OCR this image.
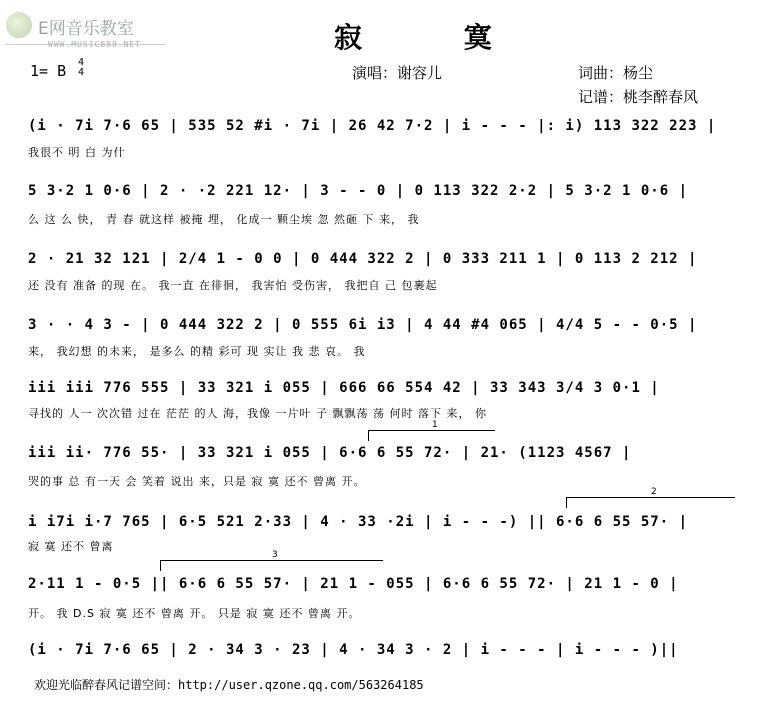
E网音乐教室
WWW.MUSIC888.NET	寂 寞
1= B 4
4	演唱：谢容儿	词曲：杨尘
记谱：桃李醉春风
(i · 7i 7·6 65 | 535 52 #i · 7i | 26 42 7·2 | i - - - |: i) 113 322 223 |
我很不 明 白 为什
5 3·2 1 0·6 | 2 · ·2 221 12· | 3 - - 0 | 0 113 322 2·2 | 5 3·2 1 0·6 |
么 这 么 快， 青 春 就这样 被掩 埋， 化成一 颗尘埃 忽 然砸 下 来， 我
2 · 21 32 121 | 2/4 1 - 0 0 | 0 444 322 2 | 0 333 211 1 | 0 113 2 212 |
还 没有 准备 的现 在。 我一直 在徘徊， 我害怕 受伤害， 我把自 己 包裹起
3 · · 4 3 - | 0 444 322 2 | 0 555 6i i3 | 4 44 #4 065 | 4/4 5 - - 0·5 |
来， 我幻想 的未来， 是多么 的精 彩可 现 实让 我 悲 哀。 我
iii iii 776 555 | 33 321 i 055 | 666 66 554 42 | 33 343 3/4 3 0·1 |
寻找的 人一 次次错 过在 茫茫 的人 海，我像 一片叶 子 飘飘荡 荡 何时 落下 来， 你
1
iii ii· 776 55· | 33 321 i 055 | 6·6 6 55 72· | 21· (1123 4567 |
哭的事 总 有一天 会 笑着 说出 来，只是 寂 寞 还不 曾离 开。
2
i i7i i·7 765 | 6·5 521 2·33 | 4 · 33 ·2i | i - - -) || 6·6 6 55 57· |
寂 寞 还不 曾离
3
2·11 1 - 0·5 || 6·6 6 55 57· | 21 1 - 055 | 6·6 6 55 72· | 21 1 - 0 |
开。 我 D.S 寂 寞 还不 曾离 开。 只是 寂 寞 还不 曾离 开。
(i · 7i 7·6 65 | 2 · 34 3 · 23 | 4 · 34 3 · 2 | i - - - | i - - - )||
欢迎光临醉春风记谱空间：http://user.qzone.qq.com/563264185
